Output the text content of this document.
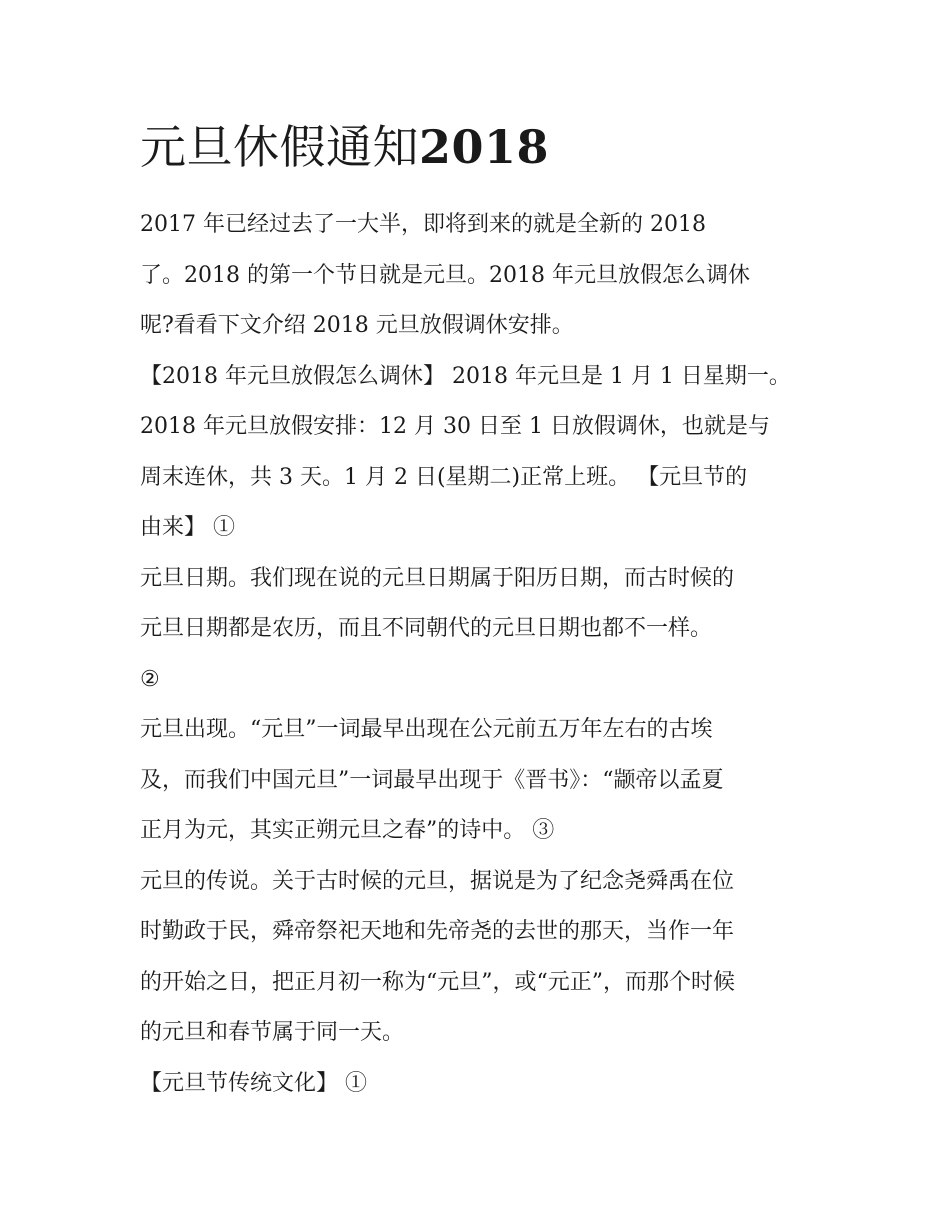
元旦休假通知2018

2017 年已经过去了一大半，即将到来的就是全新的 2018

了。2018 的第一个节日就是元旦。2018 年元旦放假怎么调休

呢?看看下文介绍 2018 元旦放假调休安排。

【2018 年元旦放假怎么调休】 2018 年元旦是 1 月 1 日星期一。

2018 年元旦放假安排：12 月 30 日至 1 日放假调休，也就是与

周末连休，共 3 天。1 月 2 日(星期二)正常上班。 【元旦节的

由来】 ①

元旦日期。我们现在说的元旦日期属于阳历日期，而古时候的

元旦日期都是农历，而且不同朝代的元旦日期也都不一样。

②

元旦出现。“元旦”一词最早出现在公元前五万年左右的古埃

及，而我们中国元旦”一词最早出现于《晋书》：“颛帝以孟夏

正月为元，其实正朔元旦之春”的诗中。 ③

元旦的传说。关于古时候的元旦，据说是为了纪念尧舜禹在位

时勤政于民，舜帝祭祀天地和先帝尧的去世的那天，当作一年

的开始之日，把正月初一称为“元旦”，或“元正”，而那个时候

的元旦和春节属于同一天。

【元旦节传统文化】 ①
